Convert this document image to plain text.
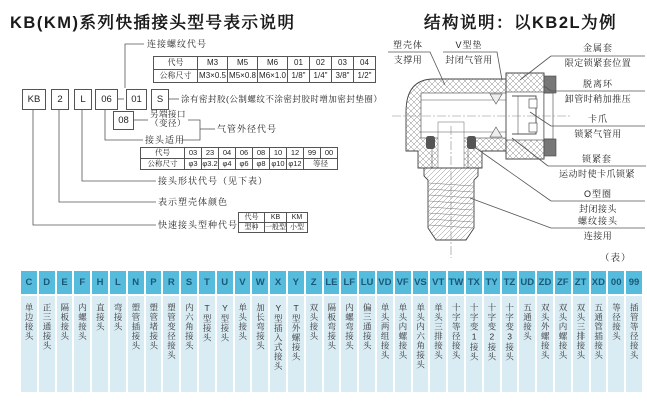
KB(KM)系列快插接头型号表示说明	结构说明：以KB2L为例
KB	2	L	06	01	S
08
连接螺纹代号
涂有密封胶(公制螺纹不涂密封胶时增加密封垫圈）
另端接口
（变径）
气管外径代号
接头适用
接头形状代号（见下表）
表示塑壳体颜色
快速接头型种代号
代号	M3	M5	M6	01	02	03	04
公称尺寸	M3×0.5	M5×0.8	M6×1.0	1/8"	1/4"	3/8"	1/2"
代号	03	23	04	06	08	10	12	99	00
公称尺寸	φ3	φ3.2	φ4	φ6	φ8	φ10	φ12	等径	
代号	KB	KM
型种	一般型	小型
塑壳体
支撑用
V型垫
封闭气管用
金属套
限定锁紧套位置
脱离环
卸管时稍加推压
卡爪
锁紧气管用
锁紧套
运动时使卡爪锁紧
O型圈
封闭接头
螺纹接头
连接用
（表）
C
单边接头
D
正三通接头
E
隔板接头
F
内螺接头
H
直接头
L
弯接头
N
塑管插接头
P
塑管堵接头
R
塑管变径接头
S
内六角接头
T
T型接头
U
Y型接头
V
单头接头
W
加长弯接头
X
Y型插入式接头
Y
T型外螺接头
Z
双头接头
LE
隔板弯接头
LF
内螺弯接头
LU
偏三通接头
VD
单头两组接头
VF
单头内螺接头
VS
单头内六角接头
VT
单头三排接头
TW
十字等径接头
TX
十字变1接头
TY
十字变2接头
TZ
十字变3接头
UD
五通接头
ZD
双头外螺接头
ZF
双头内螺接头
ZT
双头三排接头
XD
五通管插接头
00
等径接头
99
插管等径接头
